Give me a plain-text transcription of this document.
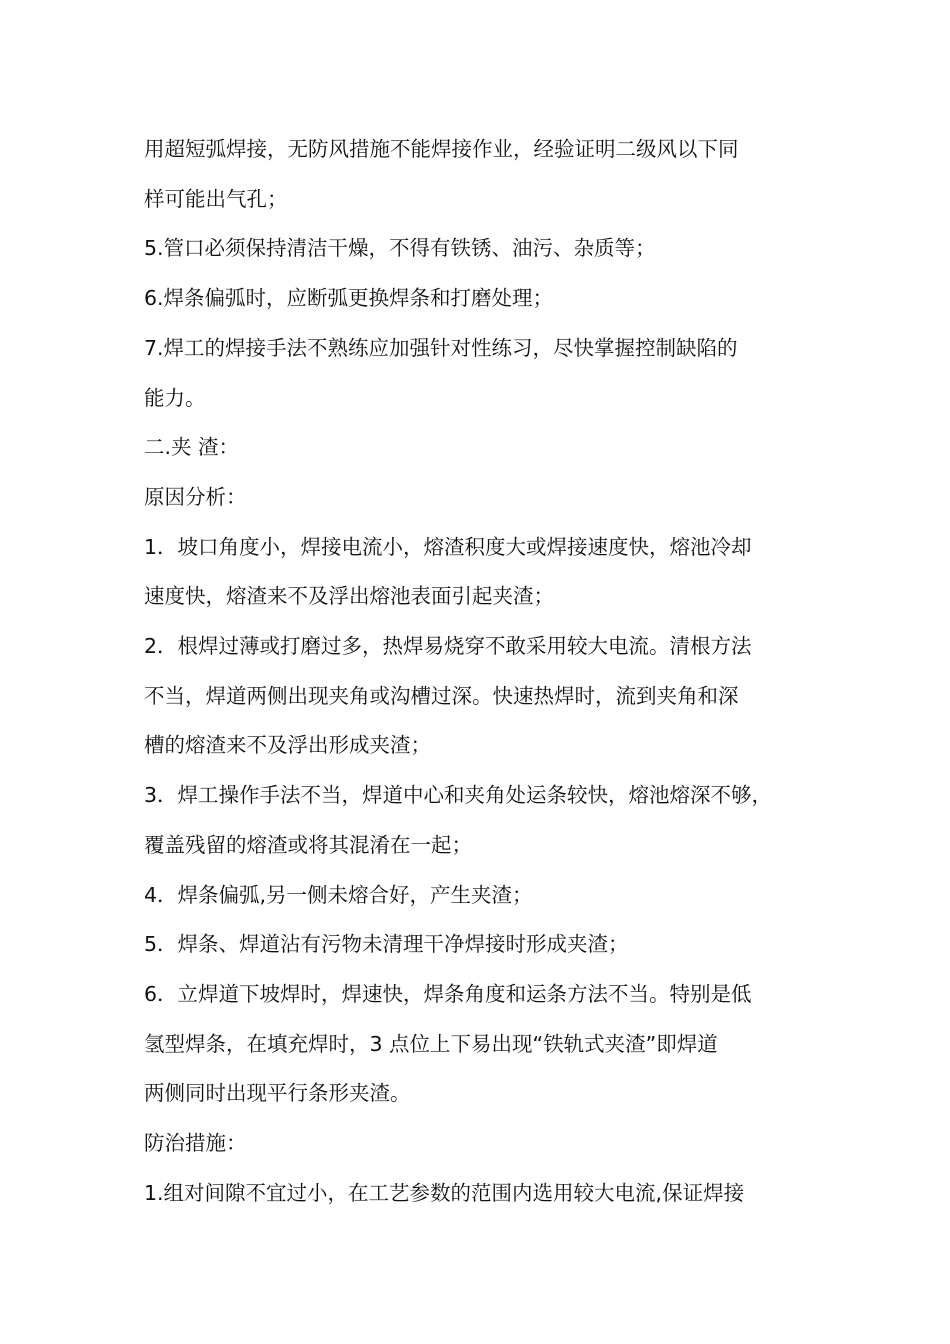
用超短弧焊接，无防风措施不能焊接作业，经验证明二级风以下同

样可能出气孔；

5.管口必须保持清洁干燥，不得有铁锈、油污、杂质等；

6.焊条偏弧时，应断弧更换焊条和打磨处理；

7.焊工的焊接手法不熟练应加强针对性练习，尽快掌握控制缺陷的

能力。

二.夹 渣：

原因分析：

1．坡口角度小，焊接电流小，熔渣积度大或焊接速度快，熔池冷却

速度快，熔渣来不及浮出熔池表面引起夹渣；

2．根焊过薄或打磨过多，热焊易烧穿不敢采用较大电流。清根方法

不当，焊道两侧出现夹角或沟槽过深。快速热焊时，流到夹角和深

槽的熔渣来不及浮出形成夹渣；

3．焊工操作手法不当，焊道中心和夹角处运条较快，熔池熔深不够，

覆盖残留的熔渣或将其混淆在一起；

4．焊条偏弧,另一侧未熔合好，产生夹渣；

5．焊条、焊道沾有污物未清理干净焊接时形成夹渣；

6．立焊道下坡焊时，焊速快，焊条角度和运条方法不当。特别是低

氢型焊条，在填充焊时，3 点位上下易出现“铁轨式夹渣”即焊道

两侧同时出现平行条形夹渣。

防治措施：

1.组对间隙不宜过小，在工艺参数的范围内选用较大电流,保证焊接
